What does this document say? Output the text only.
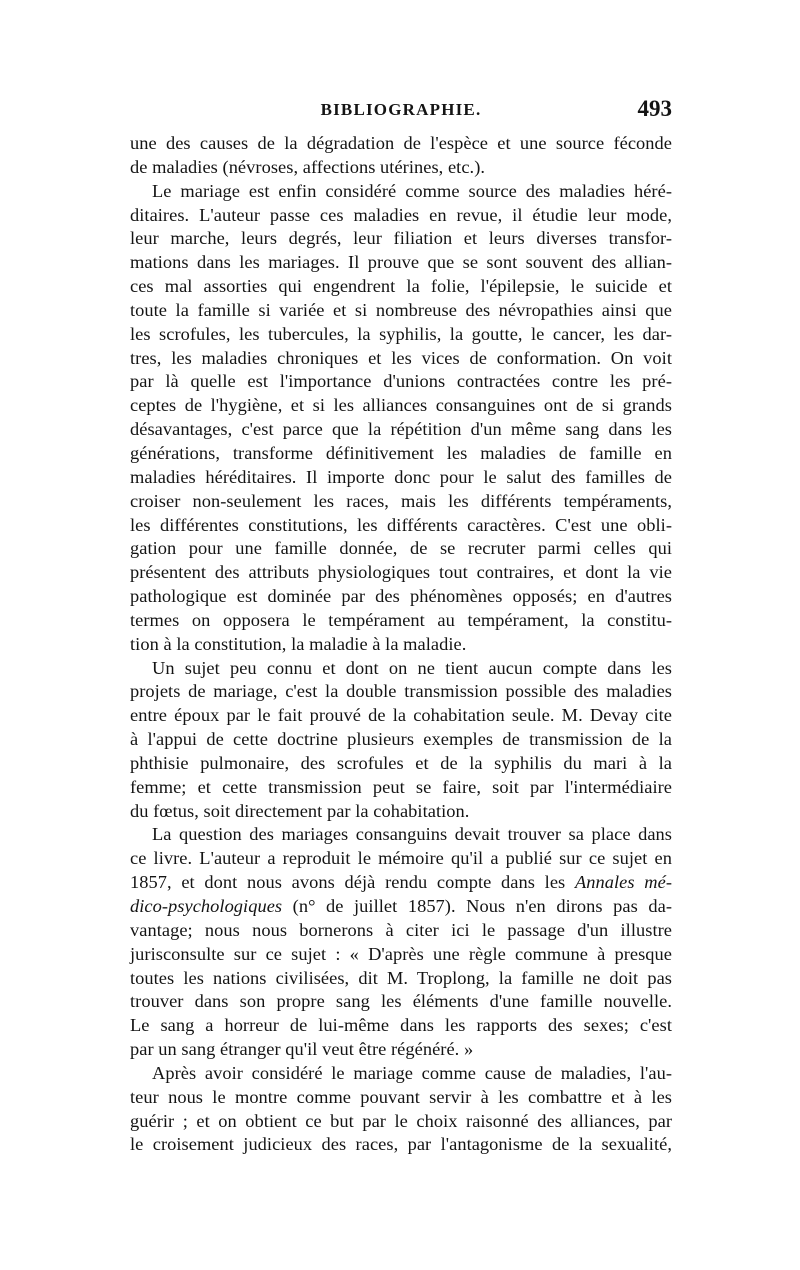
BIBLIOGRAPHIE.	493
une des causes de la dégradation de l'espèce et une source féconde
de maladies (névroses, affections utérines, etc.).
Le mariage est enfin considéré comme source des maladies héré-
ditaires. L'auteur passe ces maladies en revue, il étudie leur mode,
leur marche, leurs degrés, leur filiation et leurs diverses transfor-
mations dans les mariages. Il prouve que se sont souvent des allian-
ces mal assorties qui engendrent la folie, l'épilepsie, le suicide et
toute la famille si variée et si nombreuse des névropathies ainsi que
les scrofules, les tubercules, la syphilis, la goutte, le cancer, les dar-
tres, les maladies chroniques et les vices de conformation. On voit
par là quelle est l'importance d'unions contractées contre les pré-
ceptes de l'hygiène, et si les alliances consanguines ont de si grands
désavantages, c'est parce que la répétition d'un même sang dans les
générations, transforme définitivement les maladies de famille en
maladies héréditaires. Il importe donc pour le salut des familles de
croiser non-seulement les races, mais les différents tempéraments,
les différentes constitutions, les différents caractères. C'est une obli-
gation pour une famille donnée, de se recruter parmi celles qui
présentent des attributs physiologiques tout contraires, et dont la vie
pathologique est dominée par des phénomènes opposés; en d'autres
termes on opposera le tempérament au tempérament, la constitu-
tion à la constitution, la maladie à la maladie.
Un sujet peu connu et dont on ne tient aucun compte dans les
projets de mariage, c'est la double transmission possible des maladies
entre époux par le fait prouvé de la cohabitation seule. M. Devay cite
à l'appui de cette doctrine plusieurs exemples de transmission de la
phthisie pulmonaire, des scrofules et de la syphilis du mari à la
femme; et cette transmission peut se faire, soit par l'intermédiaire
du fœtus, soit directement par la cohabitation.
La question des mariages consanguins devait trouver sa place dans
ce livre. L'auteur a reproduit le mémoire qu'il a publié sur ce sujet en
1857, et dont nous avons déjà rendu compte dans les Annales mé-
dico-psychologiques (n° de juillet 1857). Nous n'en dirons pas da-
vantage; nous nous bornerons à citer ici le passage d'un illustre
jurisconsulte sur ce sujet : « D'après une règle commune à presque
toutes les nations civilisées, dit M. Troplong, la famille ne doit pas
trouver dans son propre sang les éléments d'une famille nouvelle.
Le sang a horreur de lui-même dans les rapports des sexes; c'est
par un sang étranger qu'il veut être régénéré. »
Après avoir considéré le mariage comme cause de maladies, l'au-
teur nous le montre comme pouvant servir à les combattre et à les
guérir ; et on obtient ce but par le choix raisonné des alliances, par
le croisement judicieux des races, par l'antagonisme de la sexualité,
